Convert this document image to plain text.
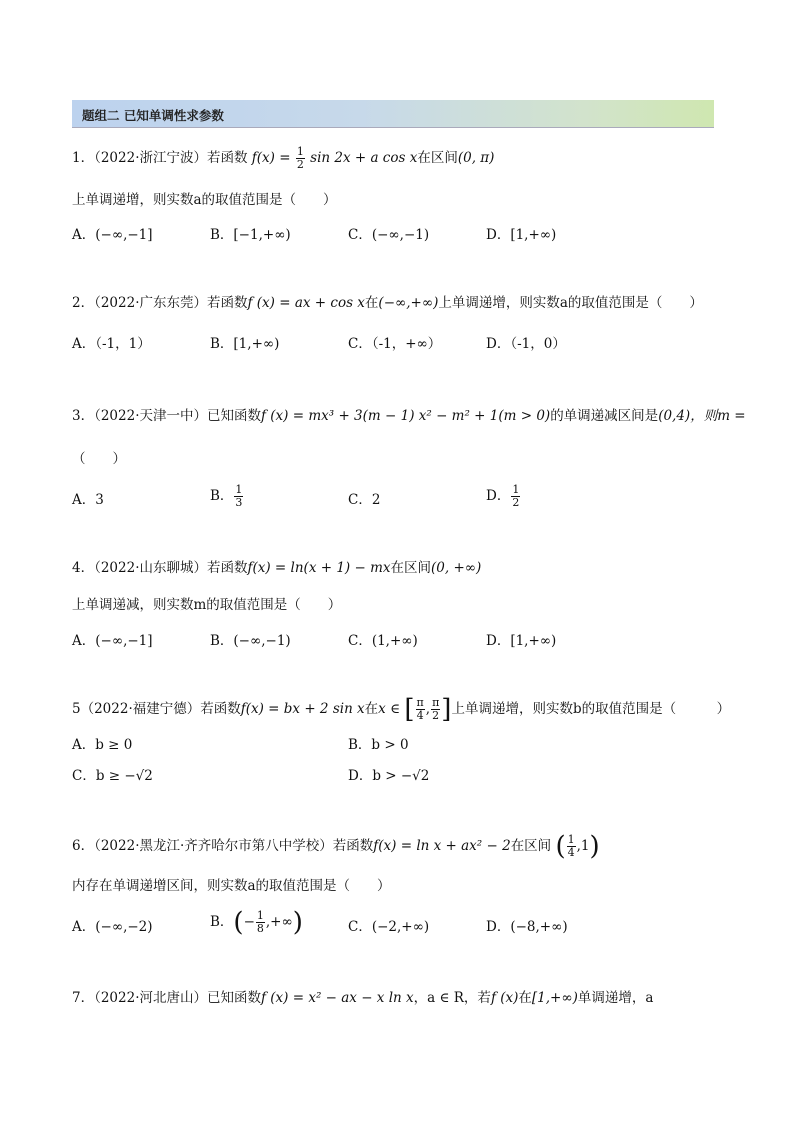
题组二 已知单调性求参数
1．（2022·浙江宁波）若函数 $f(x) = \frac{1}{2}$ sin 2x + a cos x在区间(0, π)
上单调递增，则实数a的取值范围是（　　）
A．(−∞,−1]	B．[−1,+∞)	C．(−∞,−1)	D．[1,+∞)
2．（2022·广东东莞）若函数f (x) = ax + cos x在(−∞,+∞)上单调递增，则实数a的取值范围是（　　）
A．（-1，1）	B．[1,+∞)	C．（-1，+∞）	D．（-1，0）
3．（2022·天津一中）已知函数f (x) = mx³ + 3(m − 1) x² − m² + 1(m > 0)的单调递减区间是(0,4)，则m =
（　　）
A．3	B． $\frac{1}{3}$	C．2	D． $\frac{1}{2}$
4．（2022·山东聊城）若函数f(x) = ln(x + 1) − mx在区间(0, +∞)
上单调递减，则实数m的取值范围是（　　）
A．(−∞,−1]	B．(−∞,−1)	C．(1,+∞)	D．[1,+∞)
5（2022·福建宁德）若函数f(x) = bx + 2 sin x在x ∈ [ $\frac{\pi}{4}$ , $\frac{\pi}{2}$ ]上单调递增，则实数b的取值范围是（　　　）
A．b ≥ 0	B．b > 0
C．b ≥ −√2	D．b > −√2
6．（2022·黑龙江·齐齐哈尔市第八中学校）若函数f(x) = ln x + ax² − 2在区间 ( $\frac{1}{4} ,1$)
内存在单调递增区间，则实数a的取值范围是（　　）
A．(−∞,−2)	B．(− $\frac{1}{8}$ ,+∞)	C．(−2,+∞)	D．(−8,+∞)
7．（2022·河北唐山）已知函数f (x) = x² − ax − x ln x，a ∈ R，若f (x)在[1,+∞)单调递增，a
